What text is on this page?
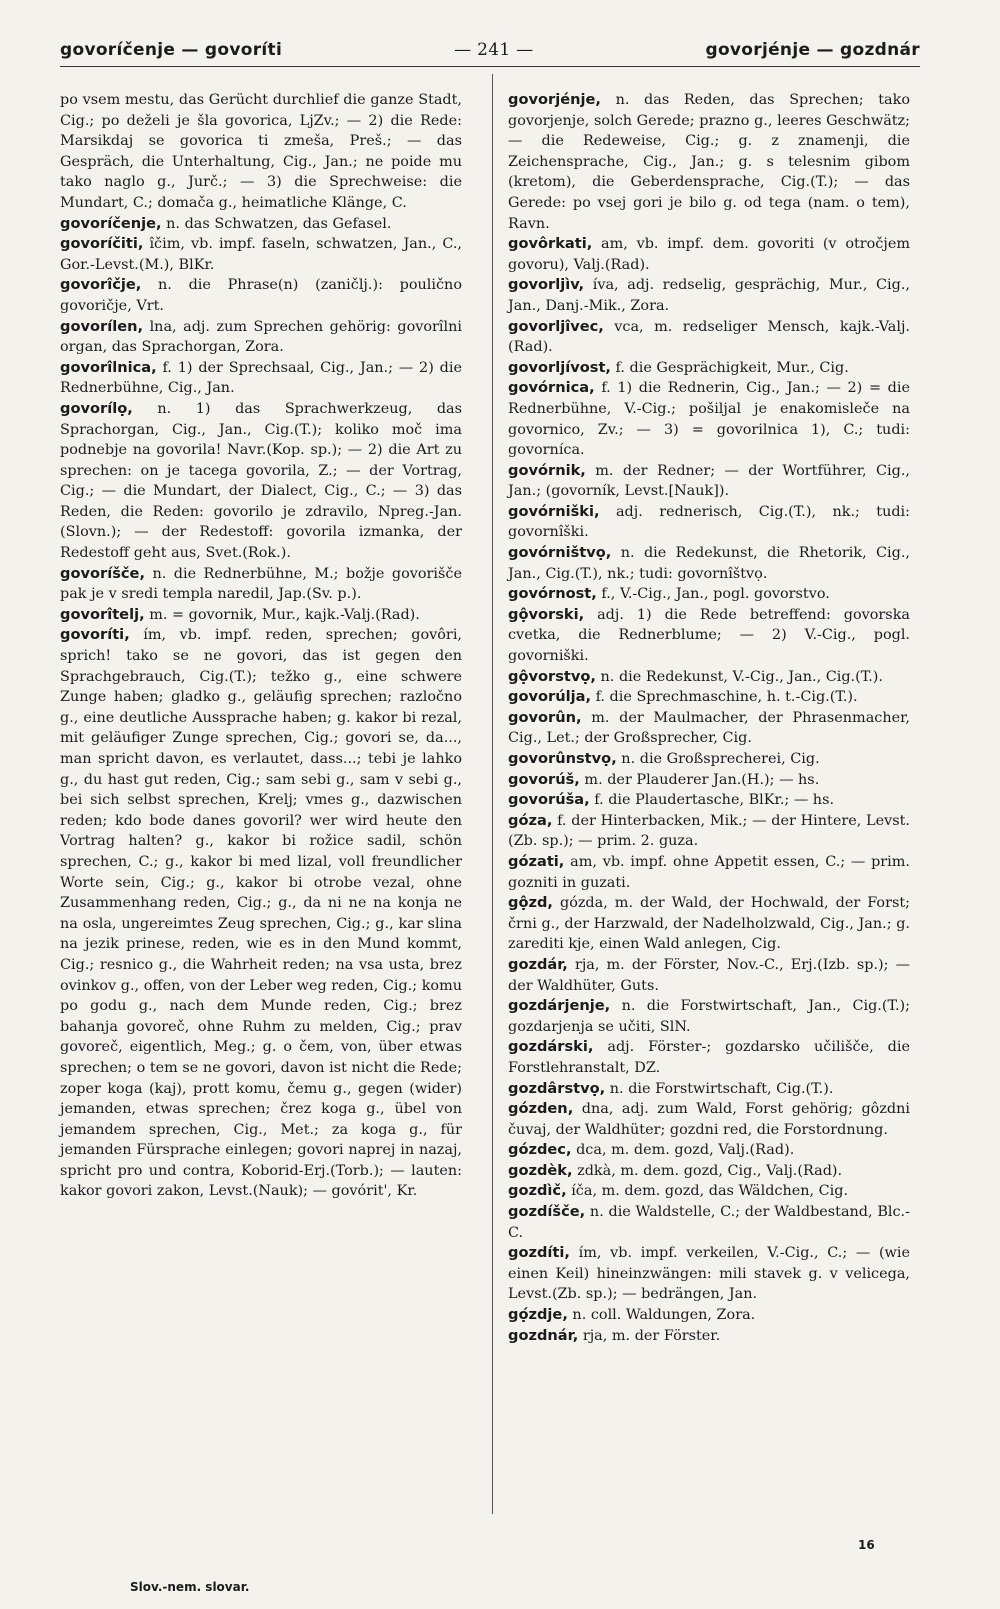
govoríčenje — govoríti	— 241 —	govorjénje — gozdnár

po vsem mestu, das Gerücht durchlief die ganze Stadt, Cig.; po deželi je šla govorica, LjZv.; — 2) die Rede: Marsikdaj se govorica ti zmeša, Preš.; — das Gespräch, die Unterhaltung, Cig., Jan.; ne poide mu tako naglo g., Jurč.; — 3) die Sprechweise: die Mundart, C.; domača g., heimatliche Klänge, C.

govoríčenje, n. das Schwatzen, das Gefasel.

govoríčiti, îčim, vb. impf. faseln, schwatzen, Jan., C., Gor.-Levst.(M.), BlKr.

govorîčje, n. die Phrase(n) (zaničlj.): pouličnо govoričje, Vrt.

govorílen, lna, adj. zum Sprechen gehörig: govorîlni organ, das Sprachorgan, Zora.

govorîlnica, f. 1) der Sprechsaal, Cig., Jan.; — 2) die Rednerbühne, Cig., Jan.

govorílọ, n. 1) das Sprachwerkzeug, das Sprachorgan, Cig., Jan., Cig.(T.); koliko moč ima podnebje na govorila! Navr.(Kop. sp.); — 2) die Art zu sprechen: on je tacega govorila, Z.; — der Vortrag, Cig.; — die Mundart, der Dialect, Cig., C.; — 3) das Reden, die Reden: govorilo je zdravilo, Npreg.-Jan.(Slovn.); — der Redestoff: govorila izmanka, der Redestoff geht aus, Svet.(Rok.).

govoríšče, n. die Rednerbühne, M.; božje govorišče pak je v sredi templa naredil, Jap.(Sv. p.).

govorîtelj, m. = govornik, Mur., kajk.-Valj.(Rad).

govoríti, ím, vb. impf. reden, sprechen; govôri, sprich! tako se ne govori, das ist gegen den Sprachgebrauch, Cig.(T.); težko g., eine schwere Zunge haben; gladko g., geläufig sprechen; razločno g., eine deutliche Aussprache haben; g. kakor bi rezal, mit geläufiger Zunge sprechen, Cig.; govori se, da..., man spricht davon, es verlautet, dass...; tebi je lahko g., du hast gut reden, Cig.; sam sebi g., sam v sebi g., bei sich selbst sprechen, Krelj; vmes g., dazwischen reden; kdo bode danes govoril? wer wird heute den Vortrag halten? g., kakor bi rožice sadil, schön sprechen, C.; g., kakor bi med lizal, voll freundlicher Worte sein, Cig.; g., kakor bi otrobe vezal, ohne Zusammenhang reden, Cig.; g., da ni ne na konja ne na osla, ungereimtes Zeug sprechen, Cig.; g., kar slina na jezik prinese, reden, wie es in den Mund kommt, Cig.; resnico g., die Wahrheit reden; na vsa usta, brez ovinkov g., offen, von der Leber weg reden, Cig.; komu po godu g., nach dem Munde reden, Cig.; brez bahanja govoreč, ohne Ruhm zu melden, Cig.; prav govoreč, eigentlich, Meg.; g. o čem, von, über etwas sprechen; o tem se ne govori, davon ist nicht die Rede; zoper koga (kaj), prott komu, čemu g., gegen (wider) jemanden, etwas sprechen; črez koga g., übel von jemandem sprechen, Cig., Met.; za koga g., für jemanden Fürsprache einlegen; govori naprej in nazaj, spricht pro und contra, Koborid-Erj.(Torb.); — lauten: kakor govori zakon, Levst.(Nauk); — govórit', Kr.

govorjénje, n. das Reden, das Sprechen; tako govorjenje, solch Gerede; prazno g., leeres Geschwätz; — die Redeweise, Cig.; g. z znamenji, die Zeichensprache, Cig., Jan.; g. s telesnim gibom (kretom), die Geberdensprache, Cig.(T.); — das Gerede: po vsej gori je bilo g. od tega (nam. o tem), Ravn.

govôrkati, am, vb. impf. dem. govoriti (v otročjem govoru), Valj.(Rad).

govorljìv, íva, adj. redselig, gesprächig, Mur., Cig., Jan., Danj.-Mik., Zora.

govorljîvec, vca, m. redseliger Mensch, kajk.-Valj.(Rad).

govorljívost, f. die Gesprächigkeit, Mur., Cig.

govórnica, f. 1) die Rednerin, Cig., Jan.; — 2) = die Rednerbühne, V.-Cig.; pošiljal je enakomisleče na govornico, Zv.; — 3) = govorilnica 1), C.; tudi: govorníca.

govórnik, m. der Redner; — der Wortführer, Cig., Jan.; (govorník, Levst.[Nauk]).

govórniški, adj. rednerisch, Cig.(T.), nk.; tudi: govornîški.

govórništvọ, n. die Redekunst, die Rhetorik, Cig., Jan., Cig.(T.), nk.; tudi: govornîštvọ.

govórnost, f., V.-Cig., Jan., pogl. govorstvo.

gộvorski, adj. 1) die Rede betreffend: govorska cvetka, die Rednerblume; — 2) V.-Cig., pogl. govorniški.

gộvorstvọ, n. die Redekunst, V.-Cig., Jan., Cig.(T.).

govorúlja, f. die Sprechmaschine, h. t.-Cig.(T.).

govorûn, m. der Maulmacher, der Phrasenmacher, Cig., Let.; der Großsprecher, Cig.

govorûnstvọ, n. die Großsprecherei, Cig.

govorúš, m. der Plauderer Jan.(H.); — hs.

govorúša, f. die Plaudertasche, BlKr.; — hs.

góza, f. der Hinterbacken, Mik.; — der Hintere, Levst.(Zb. sp.); — prim. 2. guza.

gózati, am, vb. impf. ohne Appetit essen, C.; — prim. gozniti in guzati.

gộzd, gózda, m. der Wald, der Hochwald, der Forst; črni g., der Harzwald, der Nadelholzwald, Cig., Jan.; g. zarediti kje, einen Wald anlegen, Cig.

gozdár, rja, m. der Förster, Nov.-C., Erj.(Izb. sp.); — der Waldhüter, Guts.

gozdárjenje, n. die Forstwirtschaft, Jan., Cig.(T.); gozdarjenja se učiti, SlN.

gozdárski, adj. Förster-; gozdarsko učilišče, die Forstlehranstalt, DZ.

gozdârstvọ, n. die Forstwirtschaft, Cig.(T.).

gózden, dna, adj. zum Wald, Forst gehörig; gôzdni čuvaj, der Waldhüter; gozdni red, die Forstordnung.

gózdec, dca, m. dem. gozd, Valj.(Rad).

gozdèk, zdkà, m. dem. gozd, Cig., Valj.(Rad).

gozdìč, íča, m. dem. gozd, das Wäldchen, Cig.

gozdíšče, n. die Waldstelle, C.; der Waldbestand, Blc.-C.

gozdíti, ím, vb. impf. verkeilen, V.-Cig., C.; — (wie einen Keil) hineinzwängen: mili stavek g. v velicega, Levst.(Zb. sp.); — bedrängen, Jan.

gọ́zdje, n. coll. Waldungen, Zora.

gozdnár, rja, m. der Förster.

Slov.-nem. slovar.
16
